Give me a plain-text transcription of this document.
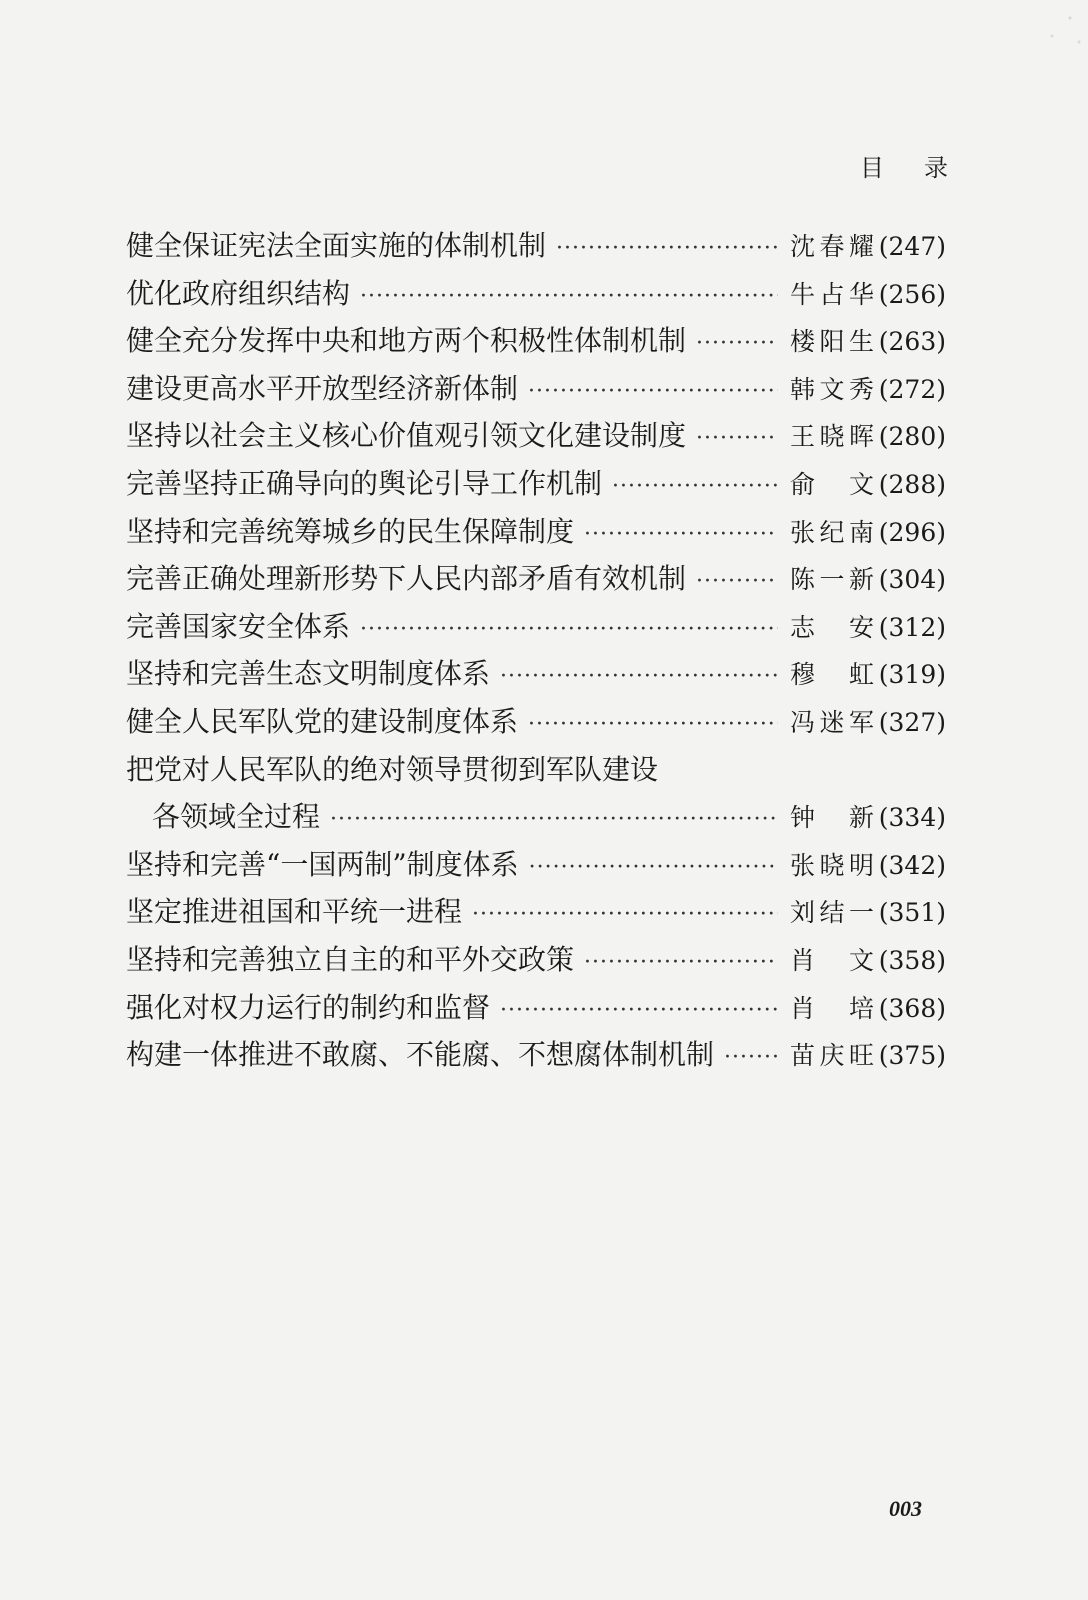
目录
健全保证宪法全面实施的体制机制 ·····	沈春耀 (247)
优化政府组织结构 ·····	牛占华 (256)
健全充分发挥中央和地方两个积极性体制机制 ·····	楼阳生 (263)
建设更高水平开放型经济新体制 ·····	韩文秀 (272)
坚持以社会主义核心价值观引领文化建设制度 ·····	王晓晖 (280)
完善坚持正确导向的舆论引导工作机制 ·····	俞文 (288)
坚持和完善统筹城乡的民生保障制度 ·····	张纪南 (296)
完善正确处理新形势下人民内部矛盾有效机制 ·····	陈一新 (304)
完善国家安全体系 ·····	志安 (312)
坚持和完善生态文明制度体系 ·····	穆虹 (319)
健全人民军队党的建设制度体系 ·····	冯迷军 (327)
把党对人民军队的绝对领导贯彻到军队建设
各领域全过程 ·····	钟新 (334)
坚持和完善“一国两制”制度体系 ·····	张晓明 (342)
坚定推进祖国和平统一进程 ·····	刘结一 (351)
坚持和完善独立自主的和平外交政策 ·····	肖文 (358)
强化对权力运行的制约和监督 ·····	肖培 (368)
构建一体推进不敢腐、不能腐、不想腐体制机制 ·····	苗庆旺 (375)
003
